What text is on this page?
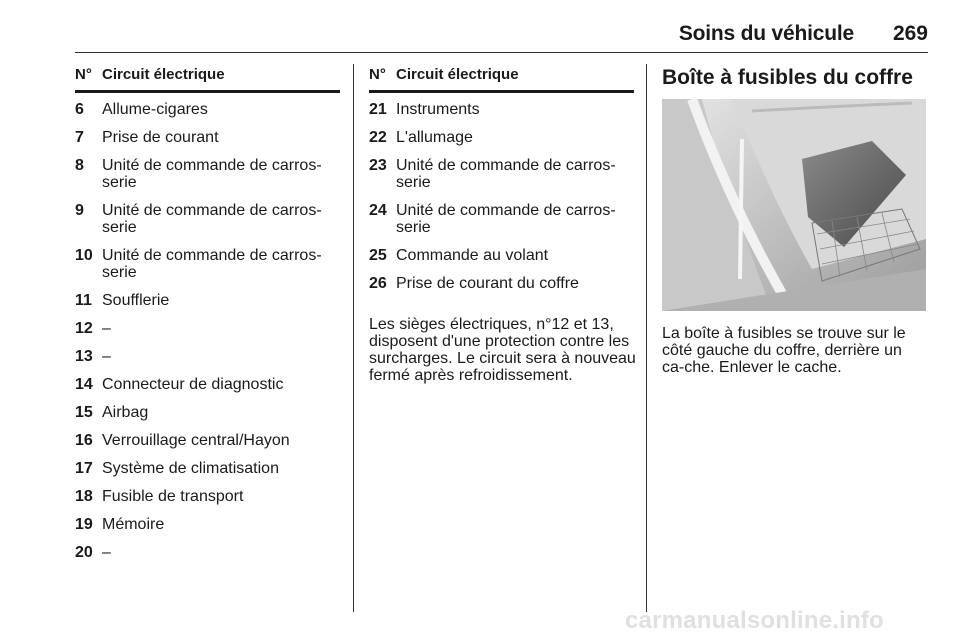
Soins du véhicule	269
N° Circuit électrique
6	Allume-cigares
7	Prise de courant
8	Unité de commande de carros-serie
9	Unité de commande de carros-serie
10 Unité de commande de carros-serie
11 Soufflerie
12 –
13 –
14 Connecteur de diagnostic
15 Airbag
16 Verrouillage central/Hayon
17 Système de climatisation
18 Fusible de transport
19 Mémoire
20 –
N° Circuit électrique
21 Instruments
22 L'allumage
23 Unité de commande de carros-serie
24 Unité de commande de carros-serie
25 Commande au volant
26 Prise de courant du coffre
Les sièges électriques, n°12 et 13, disposent d'une protection contre les surcharges. Le circuit sera à nouveau fermé après refroidissement.
Boîte à fusibles du coffre
La boîte à fusibles se trouve sur le côté gauche du coffre, derrière un ca-che. Enlever le cache.
carmanualsonline.info
